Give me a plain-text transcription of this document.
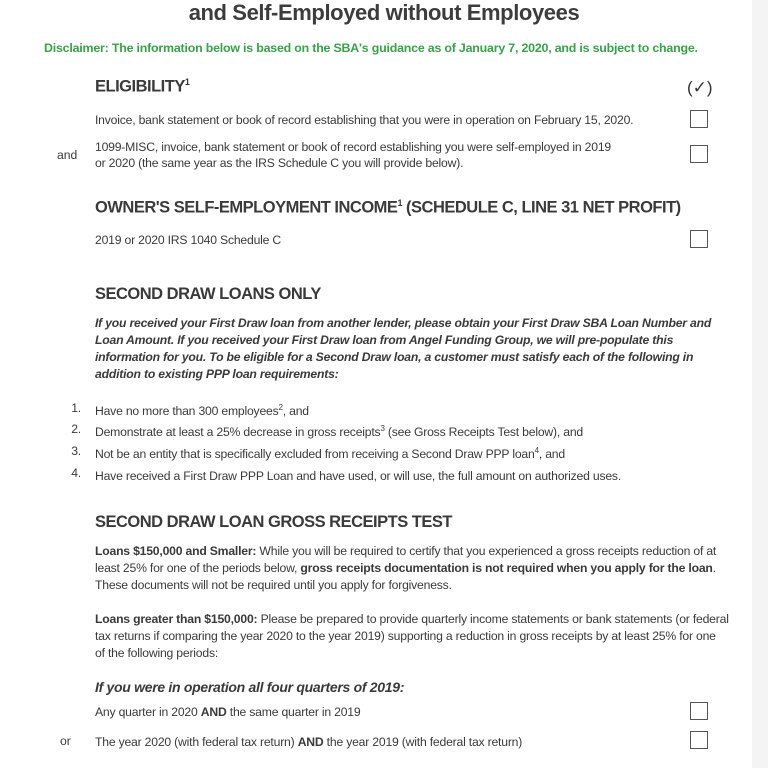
and Self-Employed without Employees
Disclaimer: The information below is based on the SBA's guidance as of January 7, 2020, and is subject to change.
ELIGIBILITY$^1$	(✓)
Invoice, bank statement or book of record establishing that you were in operation on February 15, 2020.
and
1099-MISC, invoice, bank statement or book of record establishing you were self-employed in 2019
or 2020 (the same year as the IRS Schedule C you will provide below).
OWNER'S SELF-EMPLOYMENT INCOME$^1$ (SCHEDULE C, LINE 31 NET PROFIT)
2019 or 2020 IRS 1040 Schedule C
SECOND DRAW LOANS ONLY
If you received your First Draw loan from another lender, please obtain your First Draw SBA Loan Number and
Loan Amount. If you received your First Draw loan from Angel Funding Group, we will pre-populate this
information for you. To be eligible for a Second Draw loan, a customer must satisfy each of the following in
addition to existing PPP loan requirements:
1. Have no more than 300 employees$^2$, and
2. Demonstrate at least a 25% decrease in gross receipts$^3$ (see Gross Receipts Test below), and
3. Not be an entity that is specifically excluded from receiving a Second Draw PPP loan$^4$, and
4. Have received a First Draw PPP Loan and have used, or will use, the full amount on authorized uses.
SECOND DRAW LOAN GROSS RECEIPTS TEST
Loans $150,000 and Smaller: While you will be required to certify that you experienced a gross receipts reduction of at
least 25% for one of the periods below, gross receipts documentation is not required when you apply for the loan.
These documents will not be required until you apply for forgiveness.
Loans greater than $150,000: Please be prepared to provide quarterly income statements or bank statements (or federal
tax returns if comparing the year 2020 to the year 2019) supporting a reduction in gross receipts by at least 25% for one
of the following periods:
If you were in operation all four quarters of 2019:
Any quarter in 2020 AND the same quarter in 2019
or The year 2020 (with federal tax return) AND the year 2019 (with federal tax return)
